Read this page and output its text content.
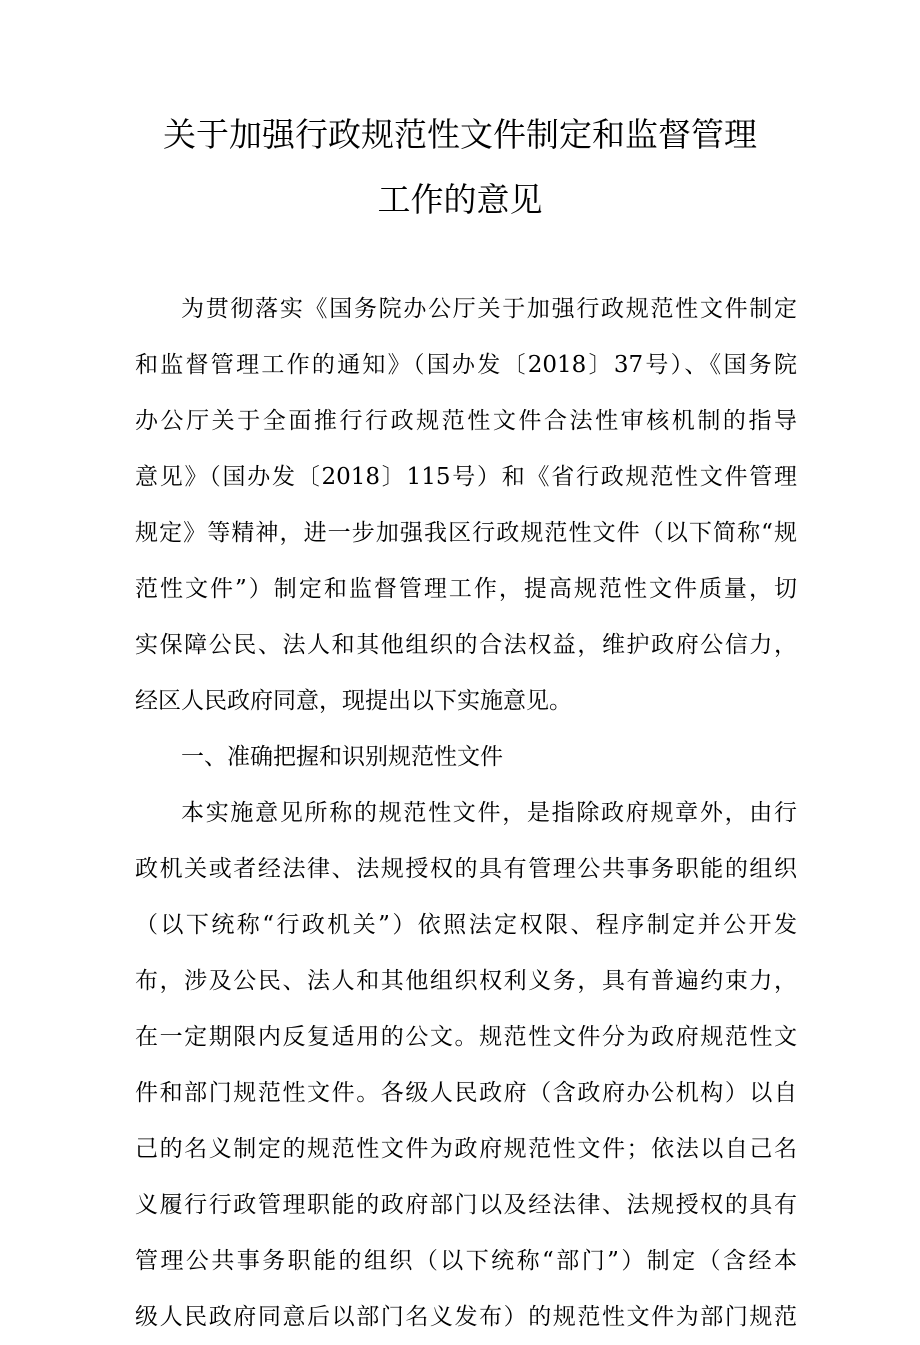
关于加强行政规范性文件制定和监督管理
工作的意见
为贯彻落实《国务院办公厅关于加强行政规范性文件制定
和监督管理工作的通知》（国办发〔2018〕37号）、《国务院
办公厅关于全面推行行政规范性文件合法性审核机制的指导
意见》（国办发〔2018〕115号）和《省行政规范性文件管理
规定》等精神，进一步加强我区行政规范性文件（以下简称“规
范性文件”）制定和监督管理工作，提高规范性文件质量，切
实保障公民、法人和其他组织的合法权益，维护政府公信力，
经区人民政府同意，现提出以下实施意见。
一、准确把握和识别规范性文件
本实施意见所称的规范性文件，是指除政府规章外，由行
政机关或者经法律、法规授权的具有管理公共事务职能的组织
（以下统称“行政机关”）依照法定权限、程序制定并公开发
布，涉及公民、法人和其他组织权利义务，具有普遍约束力，
在一定期限内反复适用的公文。规范性文件分为政府规范性文
件和部门规范性文件。各级人民政府（含政府办公机构）以自
己的名义制定的规范性文件为政府规范性文件；依法以自己名
义履行行政管理职能的政府部门以及经法律、法规授权的具有
管理公共事务职能的组织（以下统称“部门”）制定（含经本
级人民政府同意后以部门名义发布）的规范性文件为部门规范
